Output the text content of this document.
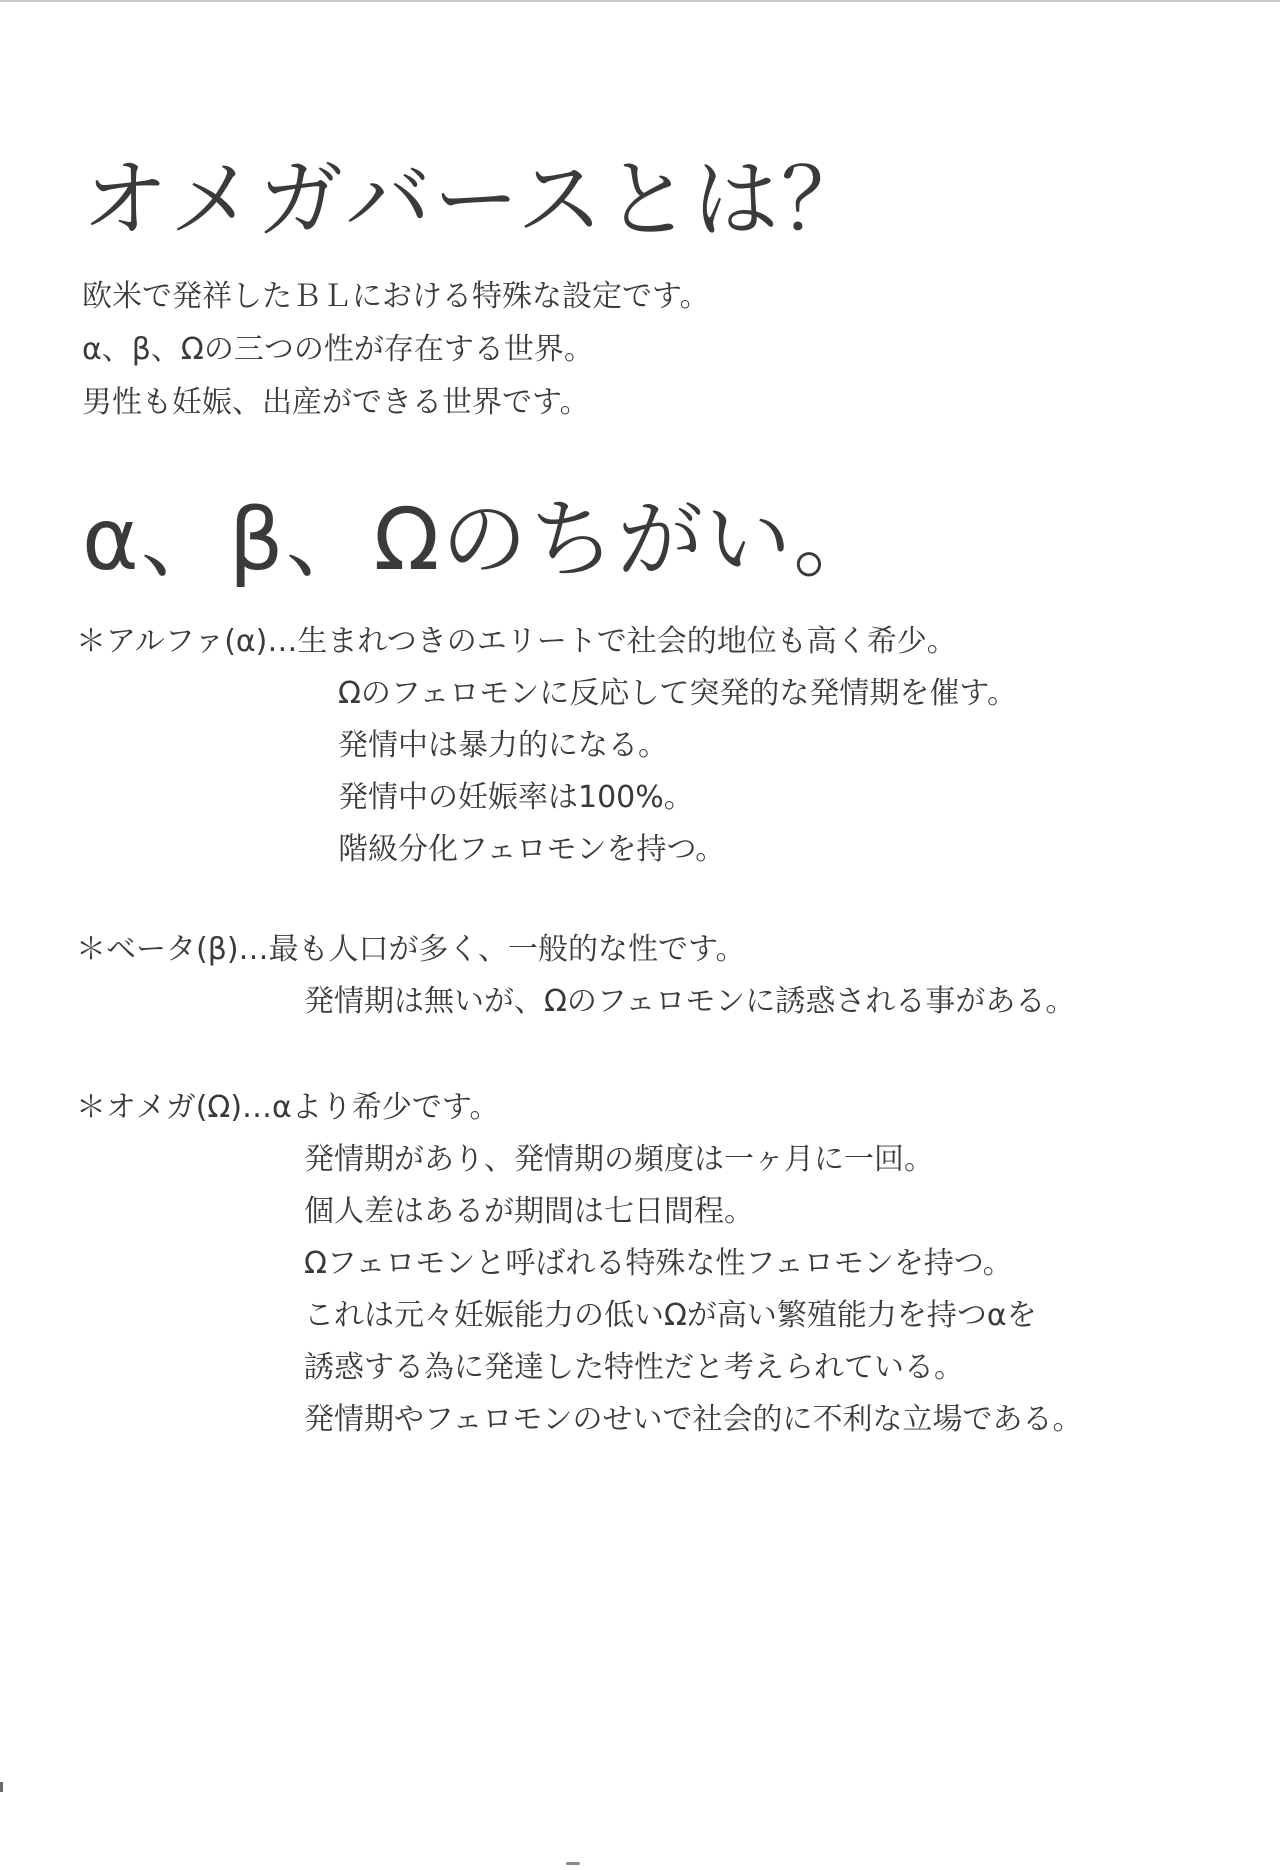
オメガバースとは？
欧米で発祥したＢＬにおける特殊な設定です。
α、β、Ωの三つの性が存在する世界。
男性も妊娠、出産ができる世界です。
α、β、Ωのちがい。
＊アルファ(α)…生まれつきのエリートで社会的地位も高く希少。
Ωのフェロモンに反応して突発的な発情期を催す。
発情中は暴力的になる。
発情中の妊娠率は100%。
階級分化フェロモンを持つ。
＊ベータ(β)…最も人口が多く、一般的な性です。
発情期は無いが、Ωのフェロモンに誘惑される事がある。
＊オメガ(Ω)…αより希少です。
発情期があり、発情期の頻度は一ヶ月に一回。
個人差はあるが期間は七日間程。
Ωフェロモンと呼ばれる特殊な性フェロモンを持つ。
これは元々妊娠能力の低いΩが高い繁殖能力を持つαを
誘惑する為に発達した特性だと考えられている。
発情期やフェロモンのせいで社会的に不利な立場である。
